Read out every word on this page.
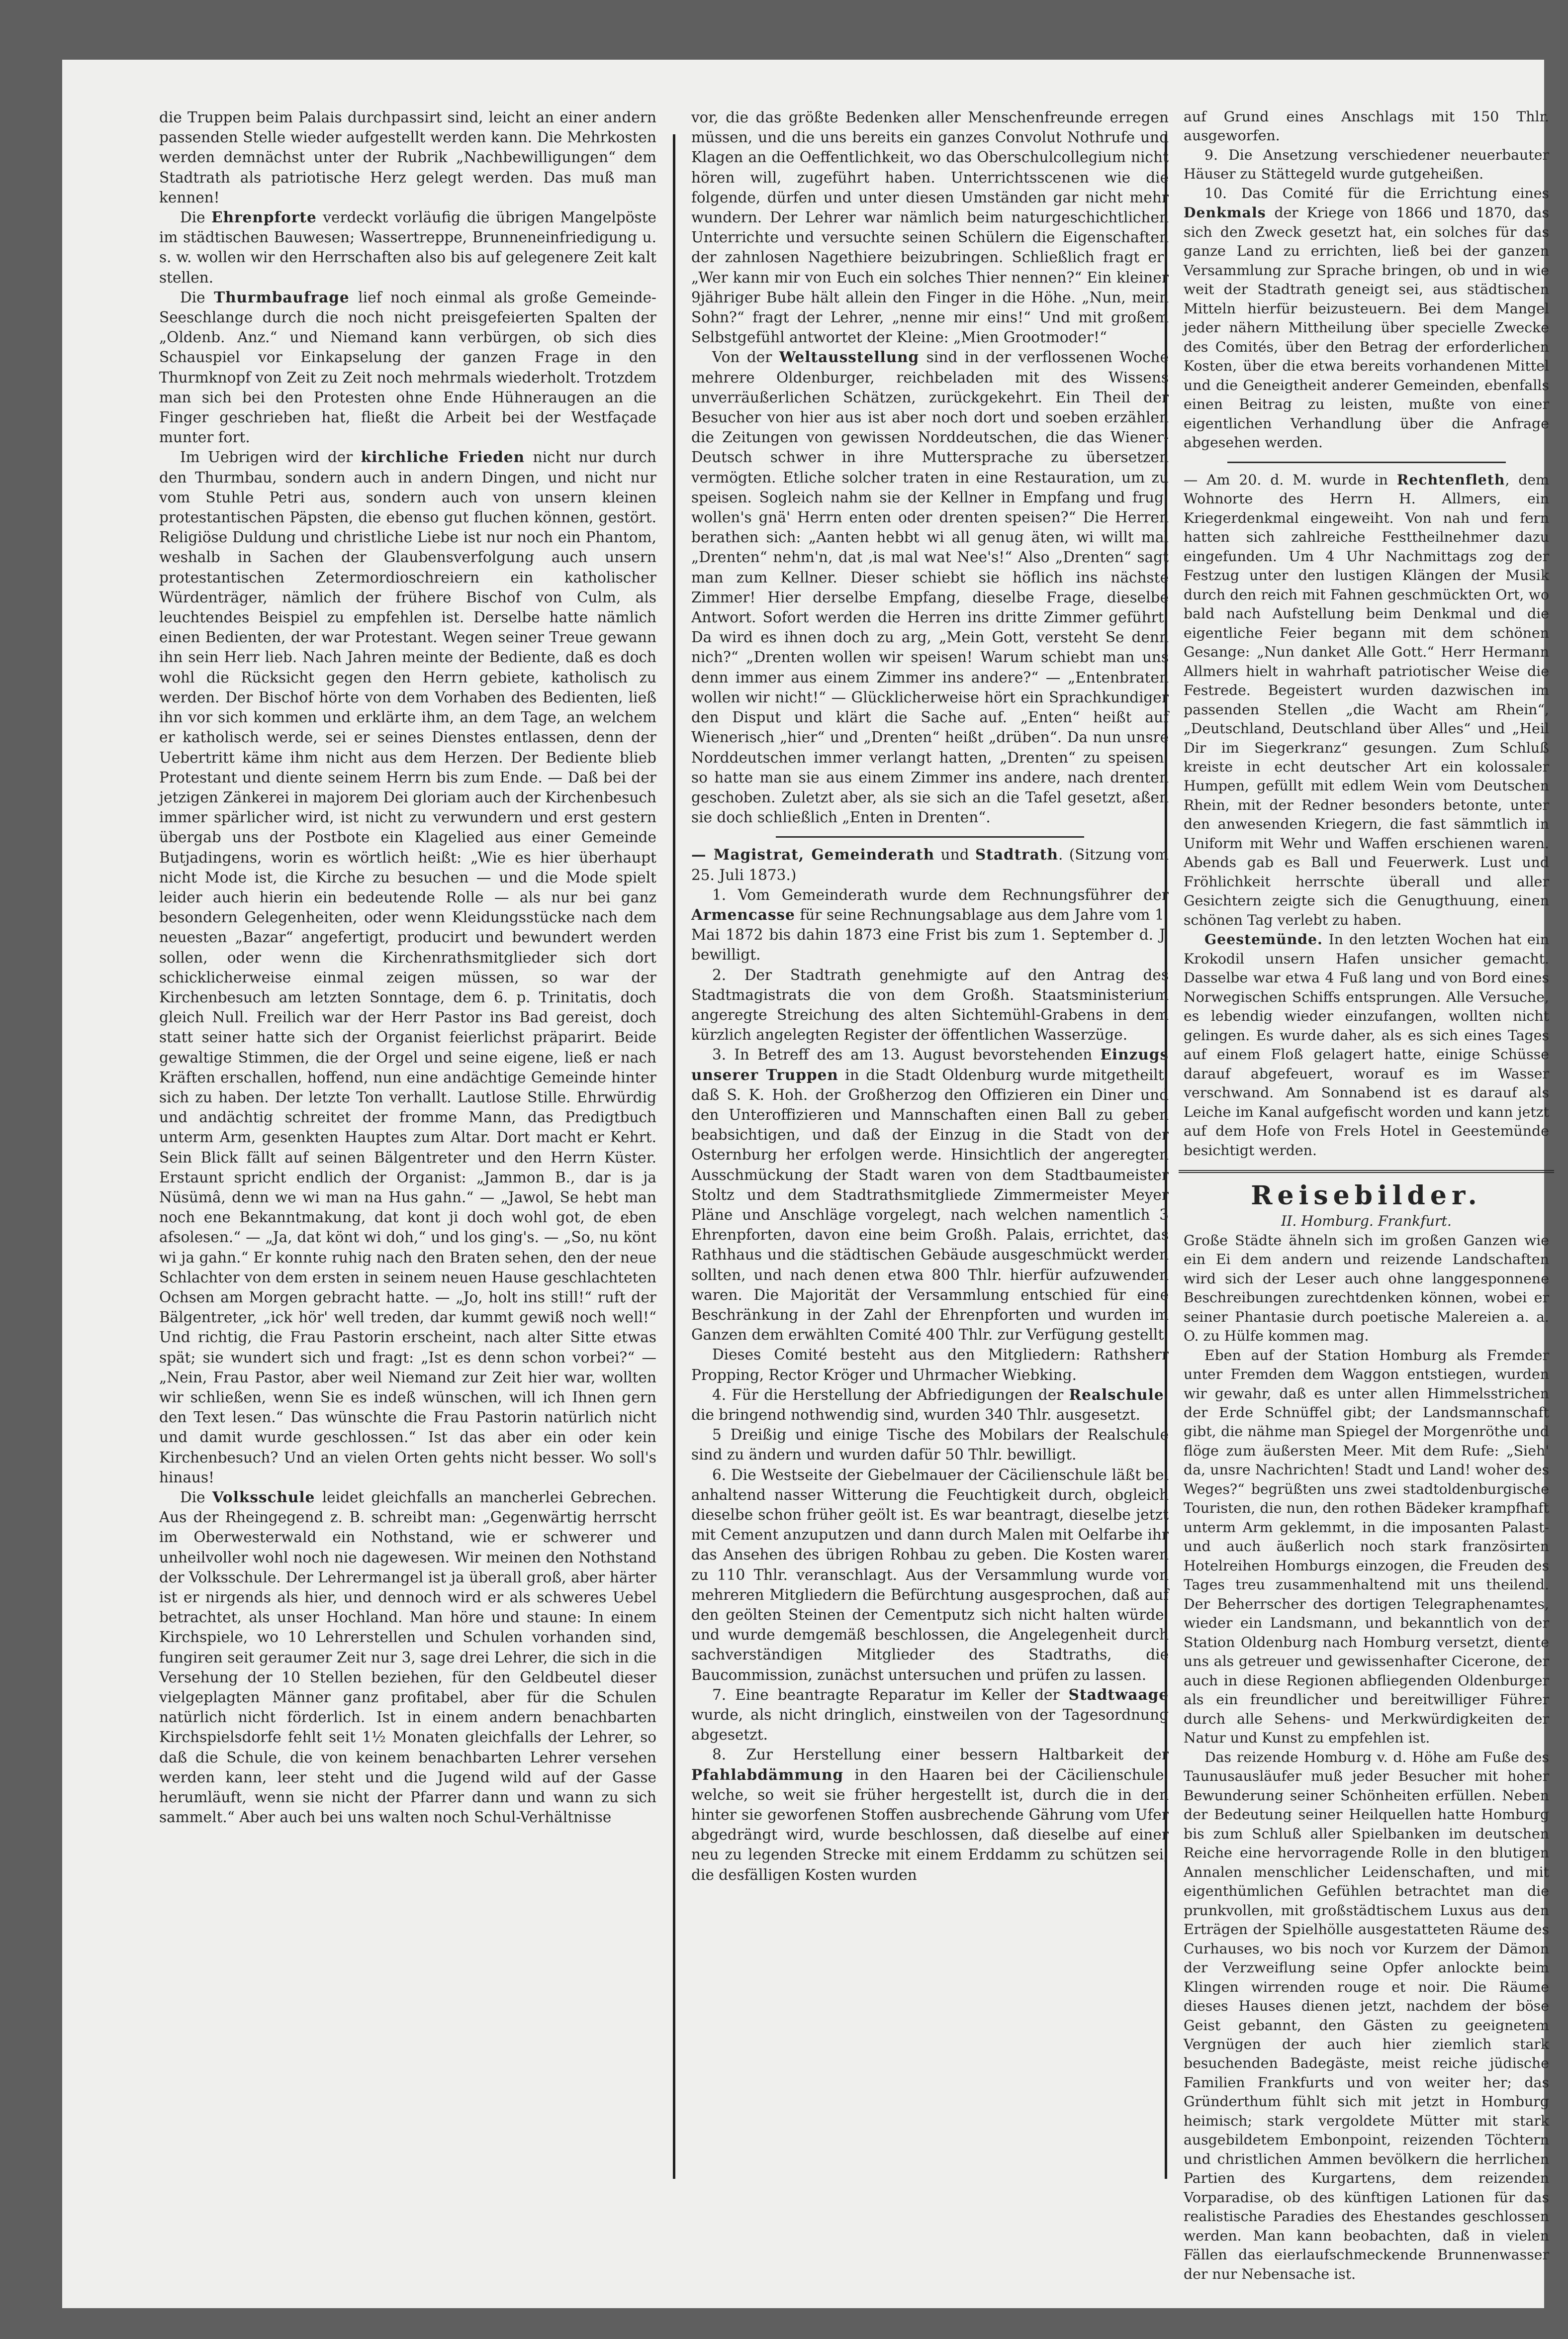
die Truppen beim Palais durchpassirt sind, leicht an einer andern passenden Stelle wieder aufgestellt werden kann. Die Mehrkosten werden demnächst unter der Rubrik „Nachbewilligungen“ dem Stadtrath als patriotische Herz gelegt werden. Das muß man kennen!

Die Ehrenpforte verdeckt vorläufig die übrigen Mangelpöste im städtischen Bauwesen; Wassertreppe, Brunneneinfriedigung u. s. w. wollen wir den Herrschaften also bis auf gelegenere Zeit kalt stellen.

Die Thurmbaufrage lief noch einmal als große Gemeinde-Seeschlange durch die noch nicht preisgefeierten Spalten der „Oldenb. Anz.“ und Niemand kann verbürgen, ob sich dies Schauspiel vor Einkapselung der ganzen Frage in den Thurmknopf von Zeit zu Zeit noch mehrmals wiederholt. Trotzdem man sich bei den Protesten ohne Ende Hühneraugen an die Finger geschrieben hat, fließt die Arbeit bei der Westfaçade munter fort.

Im Uebrigen wird der kirchliche Frieden nicht nur durch den Thurmbau, sondern auch in andern Dingen, und nicht nur vom Stuhle Petri aus, sondern auch von unsern kleinen protestantischen Päpsten, die ebenso gut fluchen können, gestört. Religiöse Duldung und christliche Liebe ist nur noch ein Phantom, weshalb in Sachen der Glaubensverfolgung auch unsern protestantischen Zetermordioschreiern ein katholischer Würdenträger, nämlich der frühere Bischof von Culm, als leuchtendes Beispiel zu empfehlen ist. Derselbe hatte nämlich einen Bedienten, der war Protestant. Wegen seiner Treue gewann ihn sein Herr lieb. Nach Jahren meinte der Bediente, daß es doch wohl die Rücksicht gegen den Herrn gebiete, katholisch zu werden. Der Bischof hörte von dem Vorhaben des Bedienten, ließ ihn vor sich kommen und erklärte ihm, an dem Tage, an welchem er katholisch werde, sei er seines Dienstes entlassen, denn der Uebertritt käme ihm nicht aus dem Herzen. Der Bediente blieb Protestant und diente seinem Herrn bis zum Ende. — Daß bei der jetzigen Zänkerei in majorem Dei gloriam auch der Kirchenbesuch immer spärlicher wird, ist nicht zu verwundern und erst gestern übergab uns der Postbote ein Klagelied aus einer Gemeinde Butjadingens, worin es wörtlich heißt: „Wie es hier überhaupt nicht Mode ist, die Kirche zu besuchen — und die Mode spielt leider auch hierin ein bedeutende Rolle — als nur bei ganz besondern Gelegenheiten, oder wenn Kleidungsstücke nach dem neuesten „Bazar“ angefertigt, producirt und bewundert werden sollen, oder wenn die Kirchenrathsmitglieder sich dort schicklicherweise einmal zeigen müssen, so war der Kirchenbesuch am letzten Sonntage, dem 6. p. Trinitatis, doch gleich Null. Freilich war der Herr Pastor ins Bad gereist, doch statt seiner hatte sich der Organist feierlichst präparirt. Beide gewaltige Stimmen, die der Orgel und seine eigene, ließ er nach Kräften erschallen, hoffend, nun eine andächtige Gemeinde hinter sich zu haben. Der letzte Ton verhallt. Lautlose Stille. Ehrwürdig und andächtig schreitet der fromme Mann, das Predigtbuch unterm Arm, gesenkten Hauptes zum Altar. Dort macht er Kehrt. Sein Blick fällt auf seinen Bälgentreter und den Herrn Küster. Erstaunt spricht endlich der Organist: „Jammon B., dar is ja Nüsümâ, denn we wi man na Hus gahn.“ — „Jawol, Se hebt man noch ene Bekanntmakung, dat kont ji doch wohl got, de eben afsolesen.“ — „Ja, dat könt wi doh,“ und los ging's. — „So, nu könt wi ja gahn.“ Er konnte ruhig nach den Braten sehen, den der neue Schlachter von dem ersten in seinem neuen Hause geschlachteten Ochsen am Morgen gebracht hatte. — „Jo, holt ins still!“ ruft der Bälgentreter, „ick hör' well treden, dar kummt gewiß noch well!“ Und richtig, die Frau Pastorin erscheint, nach alter Sitte etwas spät; sie wundert sich und fragt: „Ist es denn schon vorbei?“ — „Nein, Frau Pastor, aber weil Niemand zur Zeit hier war, wollten wir schließen, wenn Sie es indeß wünschen, will ich Ihnen gern den Text lesen.“ Das wünschte die Frau Pastorin natürlich nicht und damit wurde geschlossen.“ Ist das aber ein oder kein Kirchenbesuch? Und an vielen Orten gehts nicht besser. Wo soll's hinaus!

Die Volksschule leidet gleichfalls an mancherlei Gebrechen. Aus der Rheingegend z. B. schreibt man: „Gegenwärtig herrscht im Oberwesterwald ein Nothstand, wie er schwerer und unheilvoller wohl noch nie dagewesen. Wir meinen den Nothstand der Volksschule. Der Lehrermangel ist ja überall groß, aber härter ist er nirgends als hier, und dennoch wird er als schweres Uebel betrachtet, als unser Hochland. Man höre und staune: In einem Kirchspiele, wo 10 Lehrerstellen und Schulen vorhanden sind, fungiren seit geraumer Zeit nur 3, sage drei Lehrer, die sich in die Versehung der 10 Stellen beziehen, für den Geldbeutel dieser vielgeplagten Männer ganz profitabel, aber für die Schulen natürlich nicht förderlich. Ist in einem andern benachbarten Kirchspielsdorfe fehlt seit 1½ Monaten gleichfalls der Lehrer, so daß die Schule, die von keinem benachbarten Lehrer versehen werden kann, leer steht und die Jugend wild auf der Gasse herumläuft, wenn sie nicht der Pfarrer dann und wann zu sich sammelt.“ Aber auch bei uns walten noch Schul-Verhältnisse

vor, die das größte Bedenken aller Menschenfreunde erregen müssen, und die uns bereits ein ganzes Convolut Nothrufe und Klagen an die Oeffentlichkeit, wo das Oberschulcollegium nicht hören will, zugeführt haben. Unterrichtsscenen wie die folgende, dürfen und unter diesen Umständen gar nicht mehr wundern. Der Lehrer war nämlich beim naturgeschichtlichen Unterrichte und versuchte seinen Schülern die Eigenschaften der zahnlosen Nagethiere beizubringen. Schließlich fragt er: „Wer kann mir von Euch ein solches Thier nennen?“ Ein kleiner 9jähriger Bube hält allein den Finger in die Höhe. „Nun, mein Sohn?“ fragt der Lehrer, „nenne mir eins!“ Und mit großem Selbstgefühl antwortet der Kleine: „Mien Grootmoder!“

Von der Weltausstellung sind in der verflossenen Woche mehrere Oldenburger, reichbeladen mit des Wissens unverräußerlichen Schätzen, zurückgekehrt. Ein Theil der Besucher von hier aus ist aber noch dort und soeben erzählen die Zeitungen von gewissen Norddeutschen, die das Wiener-Deutsch schwer in ihre Muttersprache zu übersetzen vermögten. Etliche solcher traten in eine Restauration, um zu speisen. Sogleich nahm sie der Kellner in Empfang und frug: wollen's gnä' Herrn enten oder drenten speisen?“ Die Herren berathen sich: „Aanten hebbt wi all genug äten, wi willt mal „Drenten“ nehm'n, dat ‚is mal wat Nee's!“ Also „Drenten“ sagt man zum Kellner. Dieser schiebt sie höflich ins nächste Zimmer! Hier derselbe Empfang, dieselbe Frage, dieselbe Antwort. Sofort werden die Herren ins dritte Zimmer geführt. Da wird es ihnen doch zu arg, „Mein Gott, versteht Se denn nich?“ „Drenten wollen wir speisen! Warum schiebt man uns denn immer aus einem Zimmer ins andere?“ — „Entenbraten wollen wir nicht!“ — Glücklicherweise hört ein Sprachkundiger den Disput und klärt die Sache auf. „Enten“ heißt auf Wienerisch „hier“ und „Drenten“ heißt „drüben“. Da nun unsre Norddeutschen immer verlangt hatten, „Drenten“ zu speisen, so hatte man sie aus einem Zimmer ins andere, nach drenten geschoben. Zuletzt aber, als sie sich an die Tafel gesetzt, aßen sie doch schließlich „Enten in Drenten“.

— Magistrat, Gemeinderath und Stadtrath. (Sitzung vom 25. Juli 1873.)

1. Vom Gemeinderath wurde dem Rechnungsführer der Armencasse für seine Rechnungsablage aus dem Jahre vom 1. Mai 1872 bis dahin 1873 eine Frist bis zum 1. September d. J. bewilligt.

2. Der Stadtrath genehmigte auf den Antrag des Stadtmagistrats die von dem Großh. Staatsministerium angeregte Streichung des alten Sichtemühl-Grabens in dem kürzlich angelegten Register der öffentlichen Wasserzüge.

3. In Betreff des am 13. August bevorstehenden Einzugs unserer Truppen in die Stadt Oldenburg wurde mitgetheilt, daß S. K. Hoh. der Großherzog den Offizieren ein Diner und den Unteroffizieren und Mannschaften einen Ball zu geben beabsichtigen, und daß der Einzug in die Stadt von der Osternburg her erfolgen werde. Hinsichtlich der angeregten Ausschmückung der Stadt waren von dem Stadtbaumeister Stoltz und dem Stadtrathsmitgliede Zimmermeister Meyer Pläne und Anschläge vorgelegt, nach welchen namentlich 3 Ehrenpforten, davon eine beim Großh. Palais, errichtet, das Rathhaus und die städtischen Gebäude ausgeschmückt werden sollten, und nach denen etwa 800 Thlr. hierfür aufzuwenden waren. Die Majorität der Versammlung entschied für eine Beschränkung in der Zahl der Ehrenpforten und wurden im Ganzen dem erwählten Comité 400 Thlr. zur Verfügung gestellt.

Dieses Comité besteht aus den Mitgliedern: Rathsherr Propping, Rector Kröger und Uhrmacher Wiebking.

4. Für die Herstellung der Abfriedigungen der Realschule, die bringend nothwendig sind, wurden 340 Thlr. ausgesetzt.

5 Dreißig und einige Tische des Mobilars der Realschule sind zu ändern und wurden dafür 50 Thlr. bewilligt.

6. Die Westseite der Giebelmauer der Cäcilienschule läßt bei anhaltend nasser Witterung die Feuchtigkeit durch, obgleich dieselbe schon früher geölt ist. Es war beantragt, dieselbe jetzt mit Cement anzuputzen und dann durch Malen mit Oelfarbe ihr das Ansehen des übrigen Rohbau zu geben. Die Kosten waren zu 110 Thlr. veranschlagt. Aus der Versammlung wurde von mehreren Mitgliedern die Befürchtung ausgesprochen, daß auf den geölten Steinen der Cementputz sich nicht halten würde, und wurde demgemäß beschlossen, die Angelegenheit durch sachverständigen Mitglieder des Stadtraths, die Baucommission, zunächst untersuchen und prüfen zu lassen.

7. Eine beantragte Reparatur im Keller der Stadtwaage wurde, als nicht dringlich, einstweilen von der Tagesordnung abgesetzt.

8. Zur Herstellung einer bessern Haltbarkeit der Pfahlabdämmung in den Haaren bei der Cäcilienschule, welche, so weit sie früher hergestellt ist, durch die in den hinter sie geworfenen Stoffen ausbrechende Gährung vom Ufer abgedrängt wird, wurde beschlossen, daß dieselbe auf einer neu zu legenden Strecke mit einem Erddamm zu schützen sei; die desfälligen Kosten wurden

auf Grund eines Anschlags mit 150 Thlr. ausgeworfen.

9. Die Ansetzung verschiedener neuerbauter Häuser zu Stättegeld wurde gutgeheißen.

10. Das Comité für die Errichtung eines Denkmals der Kriege von 1866 und 1870, das sich den Zweck gesetzt hat, ein solches für das ganze Land zu errichten, ließ bei der ganzen Versammlung zur Sprache bringen, ob und in wie weit der Stadtrath geneigt sei, aus städtischen Mitteln hierfür beizusteuern. Bei dem Mangel jeder nähern Mittheilung über specielle Zwecke des Comités, über den Betrag der erforderlichen Kosten, über die etwa bereits vorhandenen Mittel und die Geneigtheit anderer Gemeinden, ebenfalls einen Beitrag zu leisten, mußte von einer eigentlichen Verhandlung über die Anfrage abgesehen werden.

— Am 20. d. M. wurde in Rechtenfleth, dem Wohnorte des Herrn H. Allmers, ein Kriegerdenkmal eingeweiht. Von nah und fern hatten sich zahlreiche Festtheilnehmer dazu eingefunden. Um 4 Uhr Nachmittags zog der Festzug unter den lustigen Klängen der Musik durch den reich mit Fahnen geschmückten Ort, wo bald nach Aufstellung beim Denkmal und die eigentliche Feier begann mit dem schönen Gesange: „Nun danket Alle Gott.“ Herr Hermann Allmers hielt in wahrhaft patriotischer Weise die Festrede. Begeistert wurden dazwischen im passenden Stellen „die Wacht am Rhein“, „Deutschland, Deutschland über Alles“ und „Heil Dir im Siegerkranz“ gesungen. Zum Schluß kreiste in echt deutscher Art ein kolossaler Humpen, gefüllt mit edlem Wein vom Deutschen Rhein, mit der Redner besonders betonte, unter den anwesenden Kriegern, die fast sämmtlich in Uniform mit Wehr und Waffen erschienen waren. Abends gab es Ball und Feuerwerk. Lust und Fröhlichkeit herrschte überall und aller Gesichtern zeigte sich die Genugthuung, einen schönen Tag verlebt zu haben.

Geestemünde. In den letzten Wochen hat ein Krokodil unsern Hafen unsicher gemacht. Dasselbe war etwa 4 Fuß lang und von Bord eines Norwegischen Schiffs entsprungen. Alle Versuche, es lebendig wieder einzufangen, wollten nicht gelingen. Es wurde daher, als es sich eines Tages auf einem Floß gelagert hatte, einige Schüsse darauf abgefeuert, worauf es im Wasser verschwand. Am Sonnabend ist es darauf als Leiche im Kanal aufgefischt worden und kann jetzt auf dem Hofe von Frels Hotel in Geestemünde besichtigt werden.

Reisebilder.
II. Homburg. Frankfurt.

Große Städte ähneln sich im großen Ganzen wie ein Ei dem andern und reizende Landschaften wird sich der Leser auch ohne langgesponnene Beschreibungen zurechtdenken können, wobei er seiner Phantasie durch poetische Malereien a. a. O. zu Hülfe kommen mag.

Eben auf der Station Homburg als Fremder unter Fremden dem Waggon entstiegen, wurden wir gewahr, daß es unter allen Himmelsstrichen der Erde Schnüffel gibt; der Landsmannschaft gibt, die nähme man Spiegel der Morgenröthe und flöge zum äußersten Meer. Mit dem Rufe: „Sieh' da, unsre Nachrichten! Stadt und Land! woher des Weges?“ begrüßten uns zwei stadtoldenburgische Touristen, die nun, den rothen Bädeker krampfhaft unterm Arm geklemmt, in die imposanten Palast- und auch äußerlich noch stark französirten Hotelreihen Homburgs einzogen, die Freuden des Tages treu zusammenhaltend mit uns theilend. Der Beherrscher des dortigen Telegraphenamtes, wieder ein Landsmann, und bekanntlich von der Station Oldenburg nach Homburg versetzt, diente uns als getreuer und gewissenhafter Cicerone, der auch in diese Regionen abfliegenden Oldenburger als ein freundlicher und bereitwilliger Führer durch alle Sehens- und Merkwürdigkeiten der Natur und Kunst zu empfehlen ist.

Das reizende Homburg v. d. Höhe am Fuße des Taunusausläufer muß jeder Besucher mit hoher Bewunderung seiner Schönheiten erfüllen. Neben der Bedeutung seiner Heilquellen hatte Homburg bis zum Schluß aller Spielbanken im deutschen Reiche eine hervorragende Rolle in den blutigen Annalen menschlicher Leidenschaften, und mit eigenthümlichen Gefühlen betrachtet man die prunkvollen, mit großstädtischem Luxus aus den Erträgen der Spielhölle ausgestatteten Räume des Curhauses, wo bis noch vor Kurzem der Dämon der Verzweiflung seine Opfer anlockte beim Klingen wirrenden rouge et noir. Die Räume dieses Hauses dienen jetzt, nachdem der böse Geist gebannt, den Gästen zu geeignetem Vergnügen der auch hier ziemlich stark besuchenden Badegäste, meist reiche jüdische Familien Frankfurts und von weiter her; das Gründerthum fühlt sich mit jetzt in Homburg heimisch; stark vergoldete Mütter mit stark ausgebildetem Embonpoint, reizenden Töchtern und christlichen Ammen bevölkern die herrlichen Partien des Kurgartens, dem reizenden Vorparadise, ob des künftigen Lationen für das realistische Paradies des Ehestandes geschlossen werden. Man kann beobachten, daß in vielen Fällen das eierlaufschmeckende Brunnenwasser der nur Nebensache ist.
